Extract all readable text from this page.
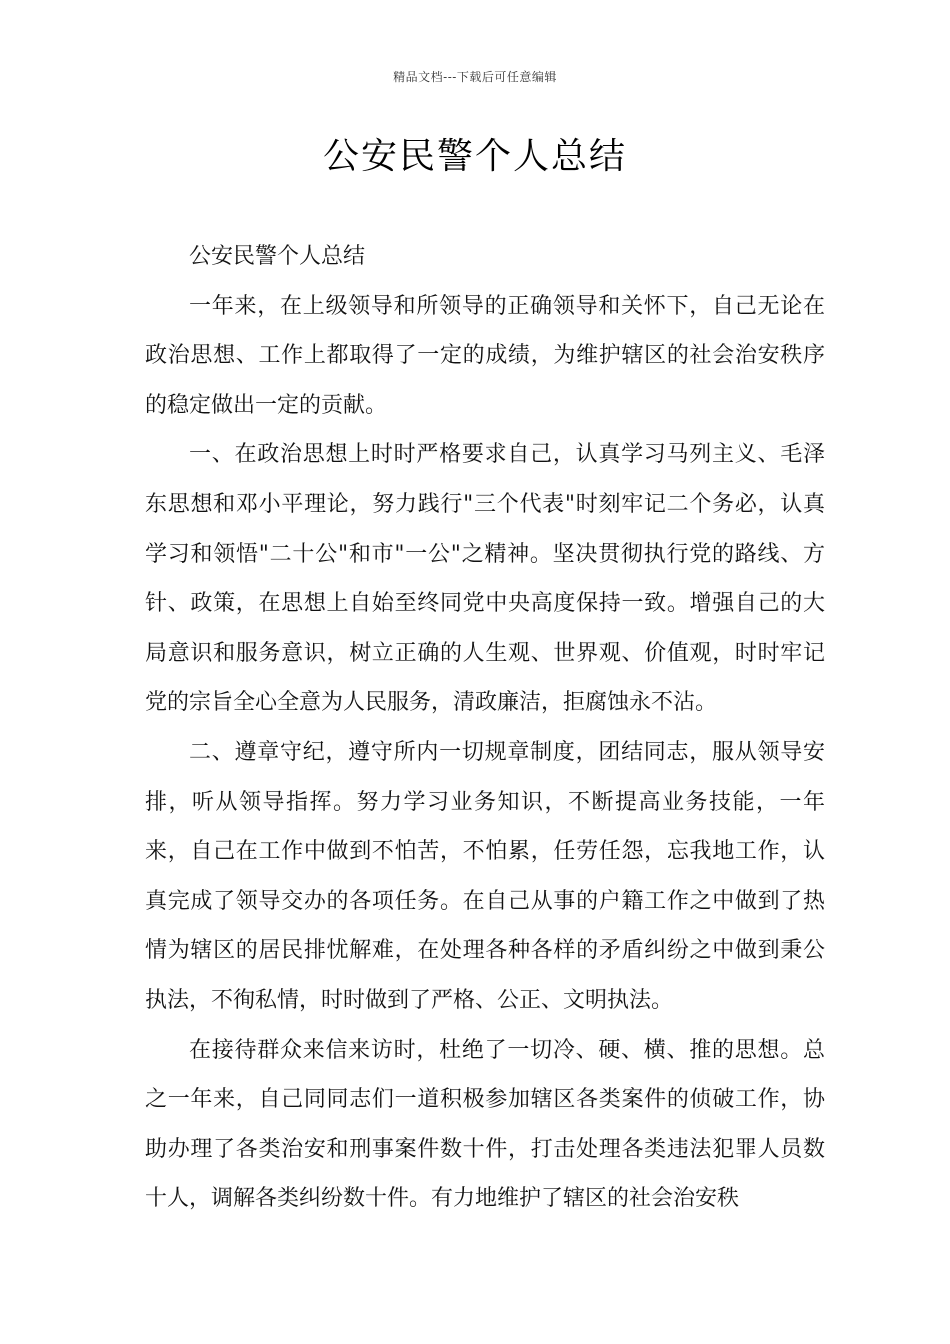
精品文档---下载后可任意编辑
公安民警个人总结

公安民警个人总结

一年来，在上级领导和所领导的正确领导和关怀下，自己无论在政治思想、工作上都取得了一定的成绩，为维护辖区的社会治安秩序的稳定做出一定的贡献。

一、在政治思想上时时严格要求自己，认真学习马列主义、毛泽东思想和邓小平理论，努力践行"三个代表"时刻牢记二个务必，认真学习和领悟"二十公"和市"一公"之精神。坚决贯彻执行党的路线、方针、政策，在思想上自始至终同党中央高度保持一致。增强自己的大局意识和服务意识，树立正确的人生观、世界观、价值观，时时牢记党的宗旨全心全意为人民服务，清政廉洁，拒腐蚀永不沾。

二、遵章守纪，遵守所内一切规章制度，团结同志，服从领导安排，听从领导指挥。努力学习业务知识，不断提高业务技能，一年来，自己在工作中做到不怕苦，不怕累，任劳任怨，忘我地工作，认真完成了领导交办的各项任务。在自己从事的户籍工作之中做到了热情为辖区的居民排忧解难，在处理各种各样的矛盾纠纷之中做到秉公执法，不徇私情，时时做到了严格、公正、文明执法。

在接待群众来信来访时，杜绝了一切冷、硬、横、推的思想。总之一年来，自己同同志们一道积极参加辖区各类案件的侦破工作，协助办理了各类治安和刑事案件数十件，打击处理各类违法犯罪人员数十人，调解各类纠纷数十件。有力地维护了辖区的社会治安秩
